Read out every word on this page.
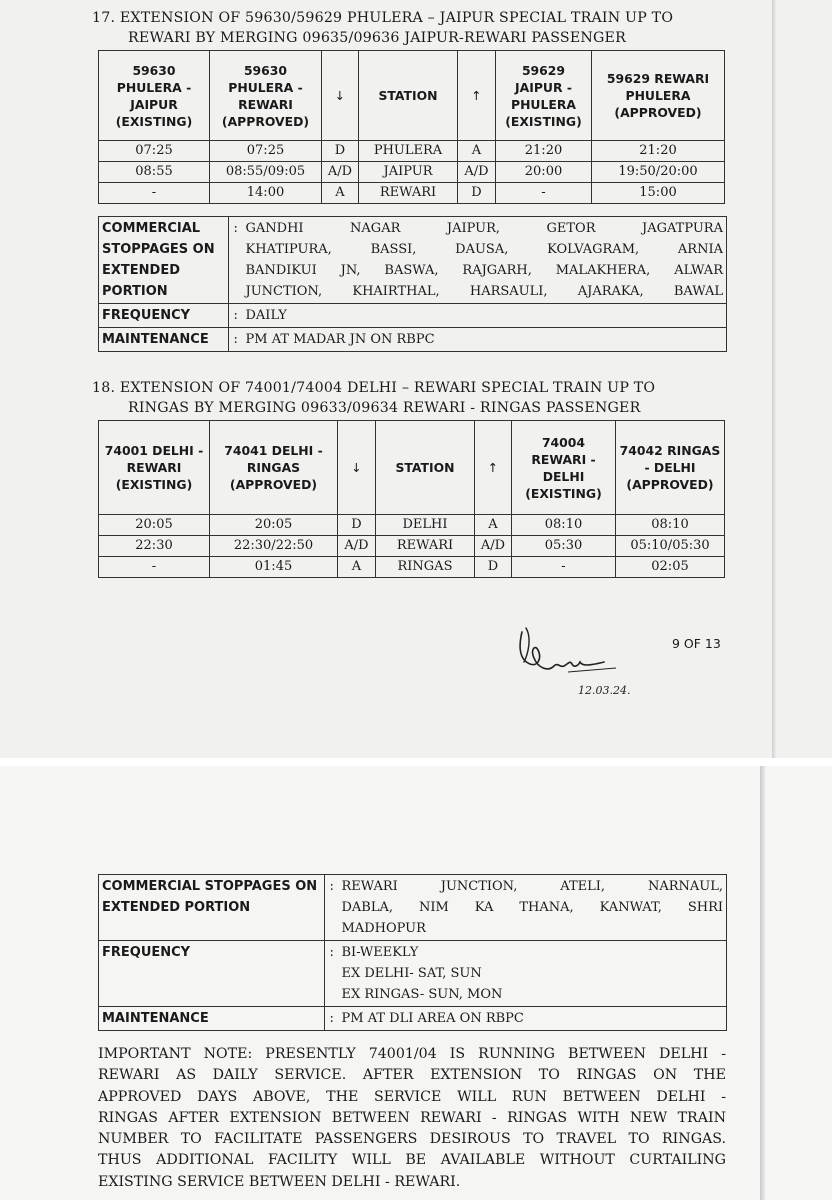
17. EXTENSION OF 59630/59629 PHULERA – JAIPUR SPECIAL TRAIN UP TO
REWARI BY MERGING 09635/09636 JAIPUR-REWARI PASSENGER
59630 PHULERA - JAIPUR (EXISTING)	59630 PHULERA - REWARI (APPROVED)	↓	STATION	↑	59629 JAIPUR - PHULERA (EXISTING)	59629 REWARI PHULERA (APPROVED)
07:25	07:25	D	PHULERA	A	21:20	21:20
08:55	08:55/09:05	A/D	JAIPUR	A/D	20:00	19:50/20:00
-	14:00	A	REWARI	D	-	15:00
COMMERCIAL STOPPAGES ON EXTENDED PORTION	:	GANDHI NAGAR JAIPUR, GETOR JAGATPURA
KHATIPURA, BASSI, DAUSA, KOLVAGRAM, ARNIA
BANDIKUI JN, BASWA, RAJGARH, MALAKHERA, ALWAR
JUNCTION, KHAIRTHAL, HARSAULI, AJARAKA, BAWAL

FREQUENCY	:	DAILY
MAINTENANCE	:	PM AT MADAR JN ON RBPC
18. EXTENSION OF 74001/74004 DELHI – REWARI SPECIAL TRAIN UP TO
RINGAS BY MERGING 09633/09634 REWARI - RINGAS PASSENGER
74001 DELHI - REWARI (EXISTING)	74041 DELHI - RINGAS (APPROVED)	↓	STATION	↑	74004 REWARI - DELHI (EXISTING)	74042 RINGAS - DELHI (APPROVED)
20:05	20:05	D	DELHI	A	08:10	08:10
22:30	22:30/22:50	A/D	REWARI	A/D	05:30	05:10/05:30
-	01:45	A	RINGAS	D	-	02:05
12.03.24.
9 OF 13
COMMERCIAL STOPPAGES ON EXTENDED PORTION	:	REWARI JUNCTION, ATELI, NARNAUL,
DABLA, NIM KA THANA, KANWAT, SHRI
MADHOPUR

FREQUENCY	:	BI-WEEKLY
EX DELHI- SAT, SUN
EX RINGAS- SUN, MON

MAINTENANCE	:	PM AT DLI AREA ON RBPC
IMPORTANT NOTE: PRESENTLY 74001/04 IS RUNNING BETWEEN DELHI -
REWARI AS DAILY SERVICE. AFTER EXTENSION TO RINGAS ON THE
APPROVED DAYS ABOVE, THE SERVICE WILL RUN BETWEEN DELHI -
RINGAS AFTER EXTENSION BETWEEN REWARI - RINGAS WITH NEW TRAIN
NUMBER TO FACILITATE PASSENGERS DESIROUS TO TRAVEL TO RINGAS.
THUS ADDITIONAL FACILITY WILL BE AVAILABLE WITHOUT CURTAILING
EXISTING SERVICE BETWEEN DELHI - REWARI.
